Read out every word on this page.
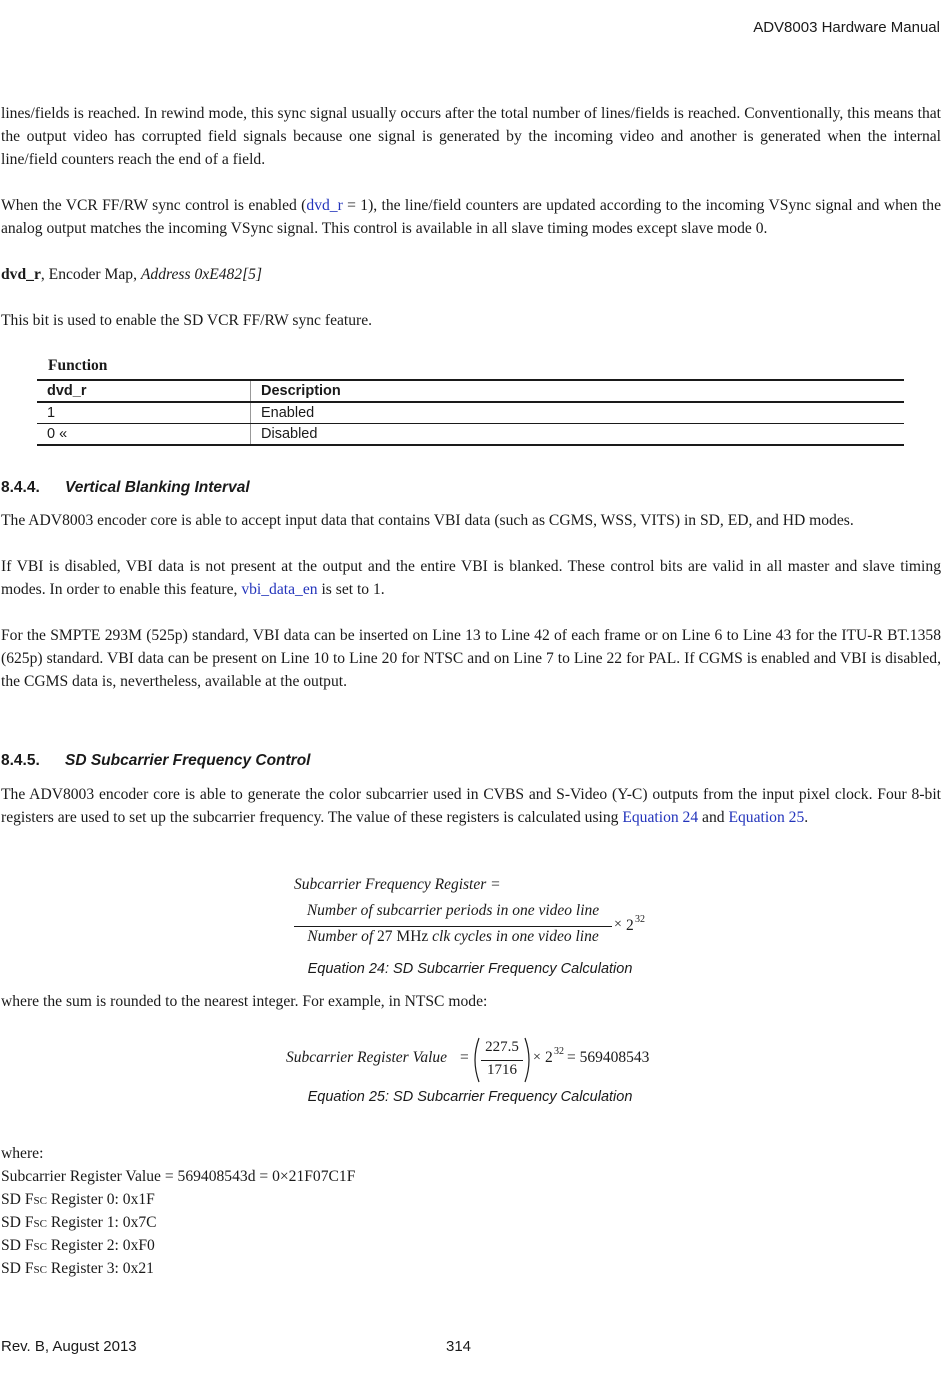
ADV8003 Hardware Manual
lines/fields is reached. In rewind mode, this sync signal usually occurs after the total number of lines/fields is reached. Conventionally, this means that the output video has corrupted field signals because one signal is generated by the incoming video and another is generated when the internal line/field counters reach the end of a field.
When the VCR FF/RW sync control is enabled (dvd_r = 1), the line/field counters are updated according to the incoming VSync signal and when the analog output matches the incoming VSync signal. This control is available in all slave timing modes except slave mode 0.
dvd_r, Encoder Map, Address 0xE482[5]
This bit is used to enable the SD VCR FF/RW sync feature.
Function
dvd_r	Description
1	Enabled
0 «	Disabled
8.4.4. Vertical Blanking Interval
The ADV8003 encoder core is able to accept input data that contains VBI data (such as CGMS, WSS, VITS) in SD, ED, and HD modes.
If VBI is disabled, VBI data is not present at the output and the entire VBI is blanked. These control bits are valid in all master and slave timing modes. In order to enable this feature, vbi_data_en is set to 1.
For the SMPTE 293M (525p) standard, VBI data can be inserted on Line 13 to Line 42 of each frame or on Line 6 to Line 43 for the ITU-R BT.1358 (625p) standard. VBI data can be present on Line 10 to Line 20 for NTSC and on Line 7 to Line 22 for PAL. If CGMS is enabled and VBI is disabled, the CGMS data is, nevertheless, available at the output.
8.4.5. SD Subcarrier Frequency Control
The ADV8003 encoder core is able to generate the color subcarrier used in CVBS and S-Video (Y-C) outputs from the input pixel clock. Four 8-bit registers are used to set up the subcarrier frequency. The value of these registers is calculated using Equation 24 and Equation 25.
Subcarrier Frequency Register =
Number of subcarrier periods in one video line
Number of 27 MHz clk cycles in one video line
× 2 32
Equation 24: SD Subcarrier Frequency Calculation
where the sum is rounded to the nearest integer. For example, in NTSC mode:
Subcarrier Register Value =
227.5
1716
× 2 32 = 569408543
Equation 25: SD Subcarrier Frequency Calculation
where:
Subcarrier Register Value = 569408543d = 0×21F07C1F
SD FSC Register 0: 0x1F
SD FSC Register 1: 0x7C
SD FSC Register 2: 0xF0
SD FSC Register 3: 0x21
Rev. B, August 2013	314
